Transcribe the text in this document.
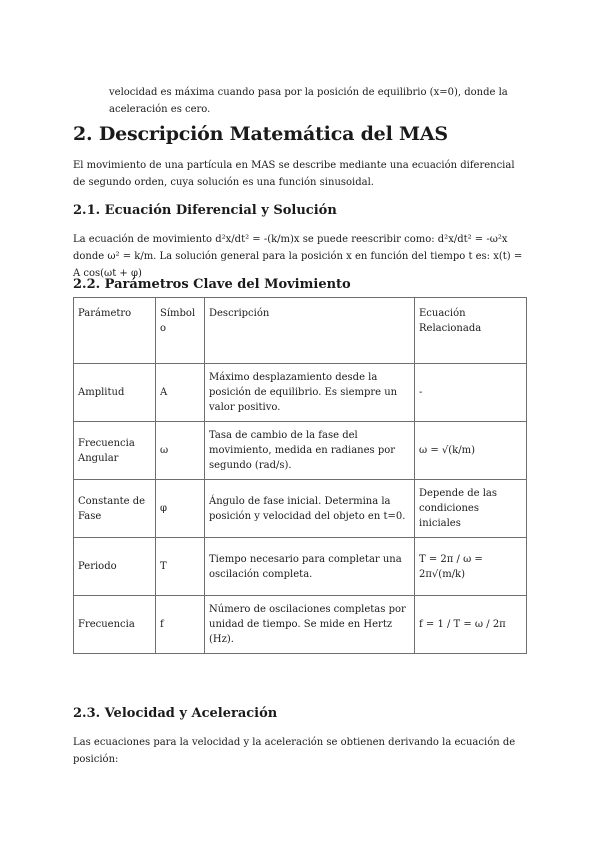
velocidad es máxima cuando pasa por la posición de equilibrio (x=0), donde la aceleración es cero.

2. Descripción Matemática del MAS

El movimiento de una partícula en MAS se describe mediante una ecuación diferencial de segundo orden, cuya solución es una función sinusoidal.

2.1. Ecuación Diferencial y Solución

La ecuación de movimiento d²x/dt² = -(k/m)x se puede reescribir como: d²x/dt² = -ω²x donde ω² = k/m. La solución general para la posición x en función del tiempo t es: x(t) = A cos(ωt + φ)

2.2. Parámetros Clave del Movimiento
Parámetro	Símbolo	Descripción	Ecuación Relacionada
Amplitud	A	Máximo desplazamiento desde la posición de equilibrio. Es siempre un valor positivo.	-
Frecuencia Angular	ω	Tasa de cambio de la fase del movimiento, medida en radianes por segundo (rad/s).	ω = √(k/m)
Constante de Fase	φ	Ángulo de fase inicial. Determina la posición y velocidad del objeto en t=0.	Depende de las condiciones iniciales
Periodo	T	Tiempo necesario para completar una oscilación completa.	T = 2π / ω = 2π√(m/k)
Frecuencia	f	Número de oscilaciones completas por unidad de tiempo. Se mide en Hertz (Hz).	f = 1 / T = ω / 2π
2.3. Velocidad y Aceleración

Las ecuaciones para la velocidad y la aceleración se obtienen derivando la ecuación de posición:
